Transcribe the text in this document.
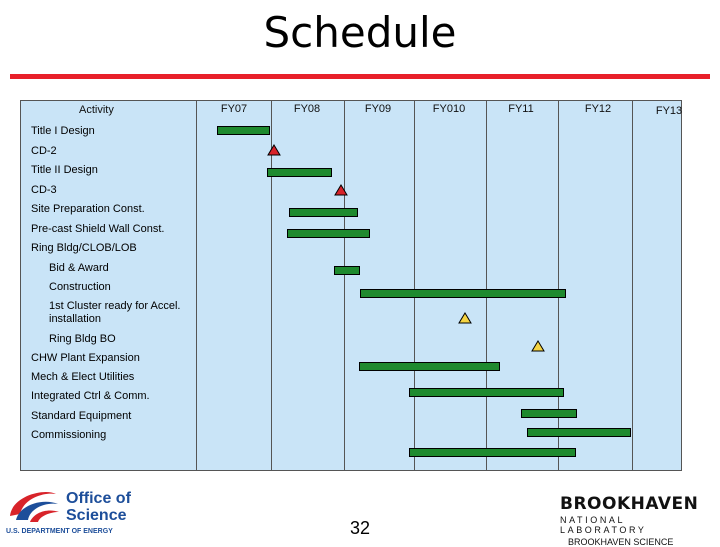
Schedule
Activity	FY07	FY08	FY09	FY010	FY11	FY12	FY13
Title I Design
CD-2
Title II Design
CD-3
Site Preparation Const.
Pre-cast Shield Wall Const.
Ring Bldg/CLOB/LOB
Bid & Award
Construction
1st Cluster ready for Accel. installation
Ring Bldg BO
CHW Plant Expansion
Mech & Elect Utilities
Integrated Ctrl & Comm.
Standard Equipment
Commissioning
Office of
Science
U.S. DEPARTMENT OF ENERGY	32
BROOKHAVEN
NATIONAL LABORATORY
BROOKHAVEN SCIENCE
